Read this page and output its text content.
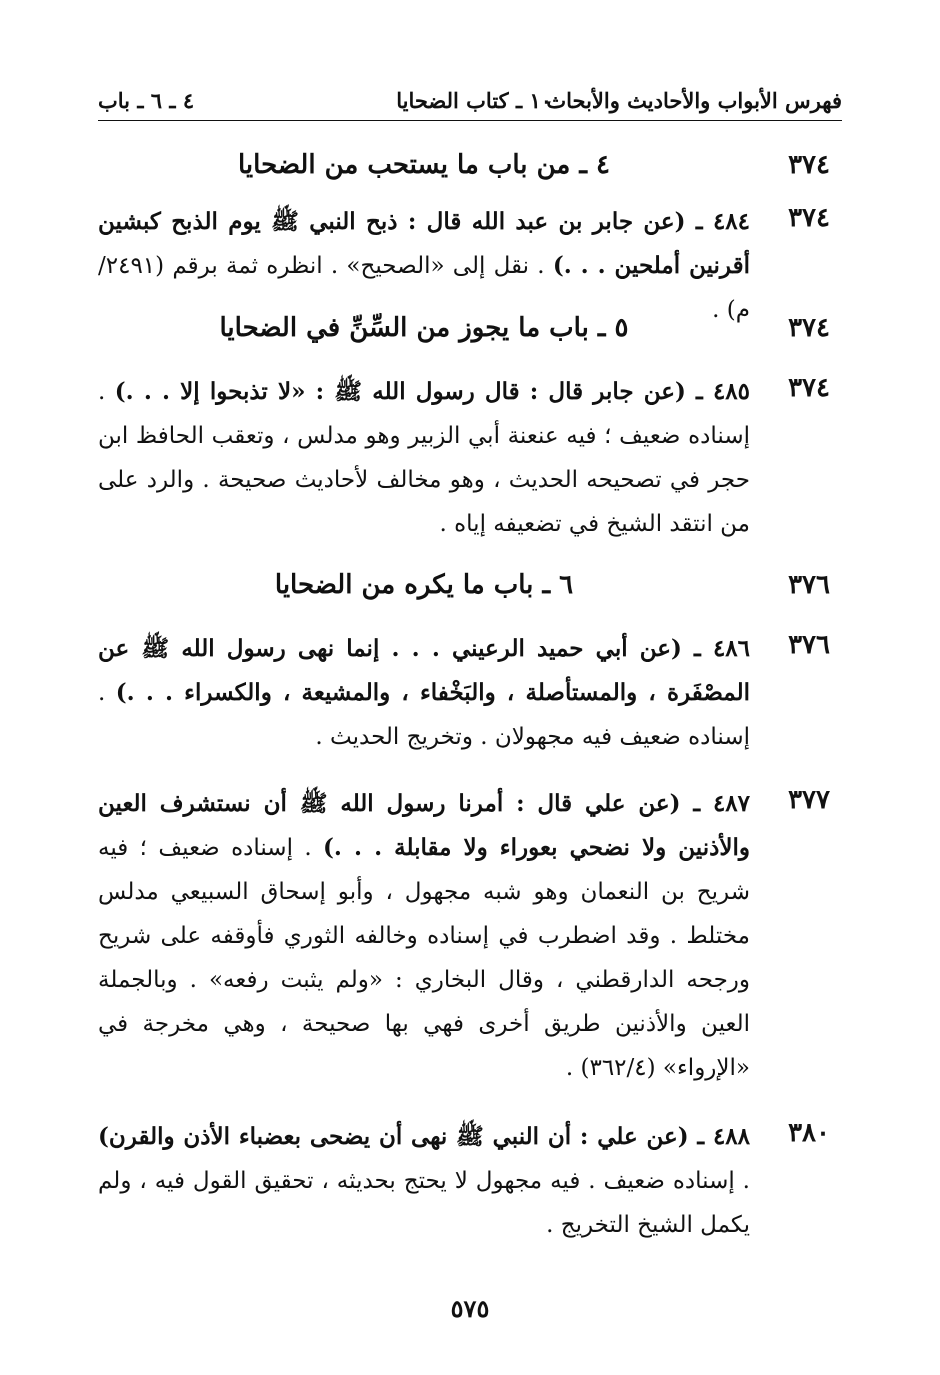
فهرس الأبواب والأحاديث والأبحاث
١٠ ـ كتاب الضحايا
٤ ـ ٦ ـ باب
٣٧٤
٤ ـ من باب ما يستحب من الضحايا
٣٧٤
٤٨٤ ـ (عن جابر بن عبد الله قال : ذبح النبي ﷺ يوم الذبح كبشين أقرنين أملحين . . .) . نقل إلى «الصحيح» . انظره ثمة برقم (٢٤٩١/م) .
٣٧٤
٥ ـ باب ما يجوز من السِّنِّ في الضحايا
٣٧٤
٤٨٥ ـ (عن جابر قال : قال رسول الله ﷺ : «لا تذبحوا إلا . . .) . إسناده ضعيف ؛ فيه عنعنة أبي الزبير وهو مدلس ، وتعقب الحافظ ابن حجر في تصحيحه الحديث ، وهو مخالف لأحاديث صحيحة . والرد على من انتقد الشيخ في تضعيفه إياه .
٣٧٦
٦ ـ باب ما يكره من الضحايا
٣٧٦
٤٨٦ ـ (عن أبي حميد الرعيني . . . إنما نهى رسول الله ﷺ عن المصْفَرة ، والمستأصلة ، والبَخْفاء ، والمشيعة ، والكسراء . . .) . إسناده ضعيف فيه مجهولان . وتخريج الحديث .
٣٧٧
٤٨٧ ـ (عن علي قال : أمرنا رسول الله ﷺ أن نستشرف العين والأذنين ولا نضحي بعوراء ولا مقابلة . . .) . إسناده ضعيف ؛ فيه شريح بن النعمان وهو شبه مجهول ، وأبو إسحاق السبيعي مدلس مختلط . وقد اضطرب في إسناده وخالفه الثوري فأوقفه على شريح ورجحه الدارقطني ، وقال البخاري : «ولم يثبت رفعه» . وبالجملة العين والأذنين طريق أخرى فهي بها صحيحة ، وهي مخرجة في «الإرواء» (٣٦٢/٤) .
٣٨٠
٤٨٨ ـ (عن علي : أن النبي ﷺ نهى أن يضحى بعضباء الأذن والقرن) . إسناده ضعيف . فيه مجهول لا يحتج بحديثه ، تحقيق القول فيه ، ولم يكمل الشيخ التخريج .
٥٧٥
